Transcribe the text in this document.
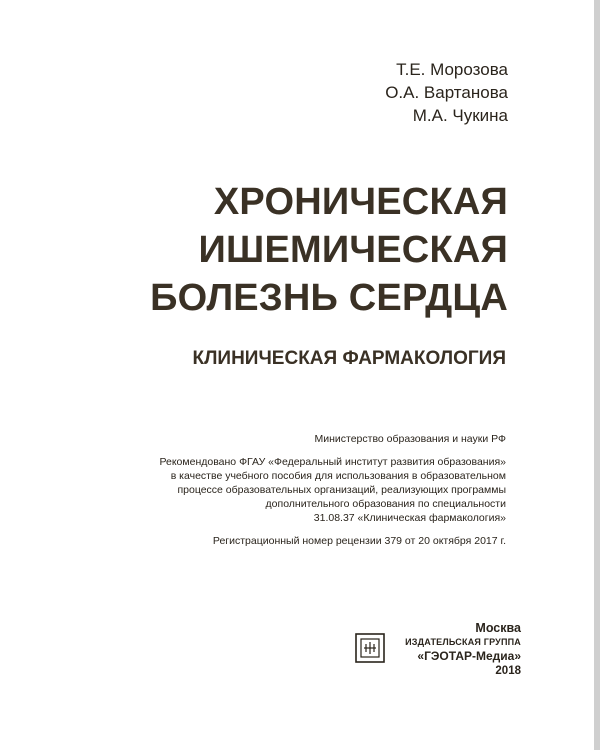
Т.Е. Морозова
О.А. Вартанова
М.А. Чукина
ХРОНИЧЕСКАЯ
ИШЕМИЧЕСКАЯ
БОЛЕЗНЬ СЕРДЦА
КЛИНИЧЕСКАЯ ФАРМАКОЛОГИЯ

Министерство образования и науки РФ

Рекомендовано ФГАУ «Федеральный институт развития образования»

в качестве учебного пособия для использования в образовательном

процессе образовательных организаций, реализующих программы

дополнительного образования по специальности

31.08.37 «Клиническая фармакология»

Регистрационный номер рецензии 379 от 20 октября 2017 г.

Москва
ИЗДАТЕЛЬСКАЯ ГРУППА
«ГЭОТАР-Медиа»
2018
